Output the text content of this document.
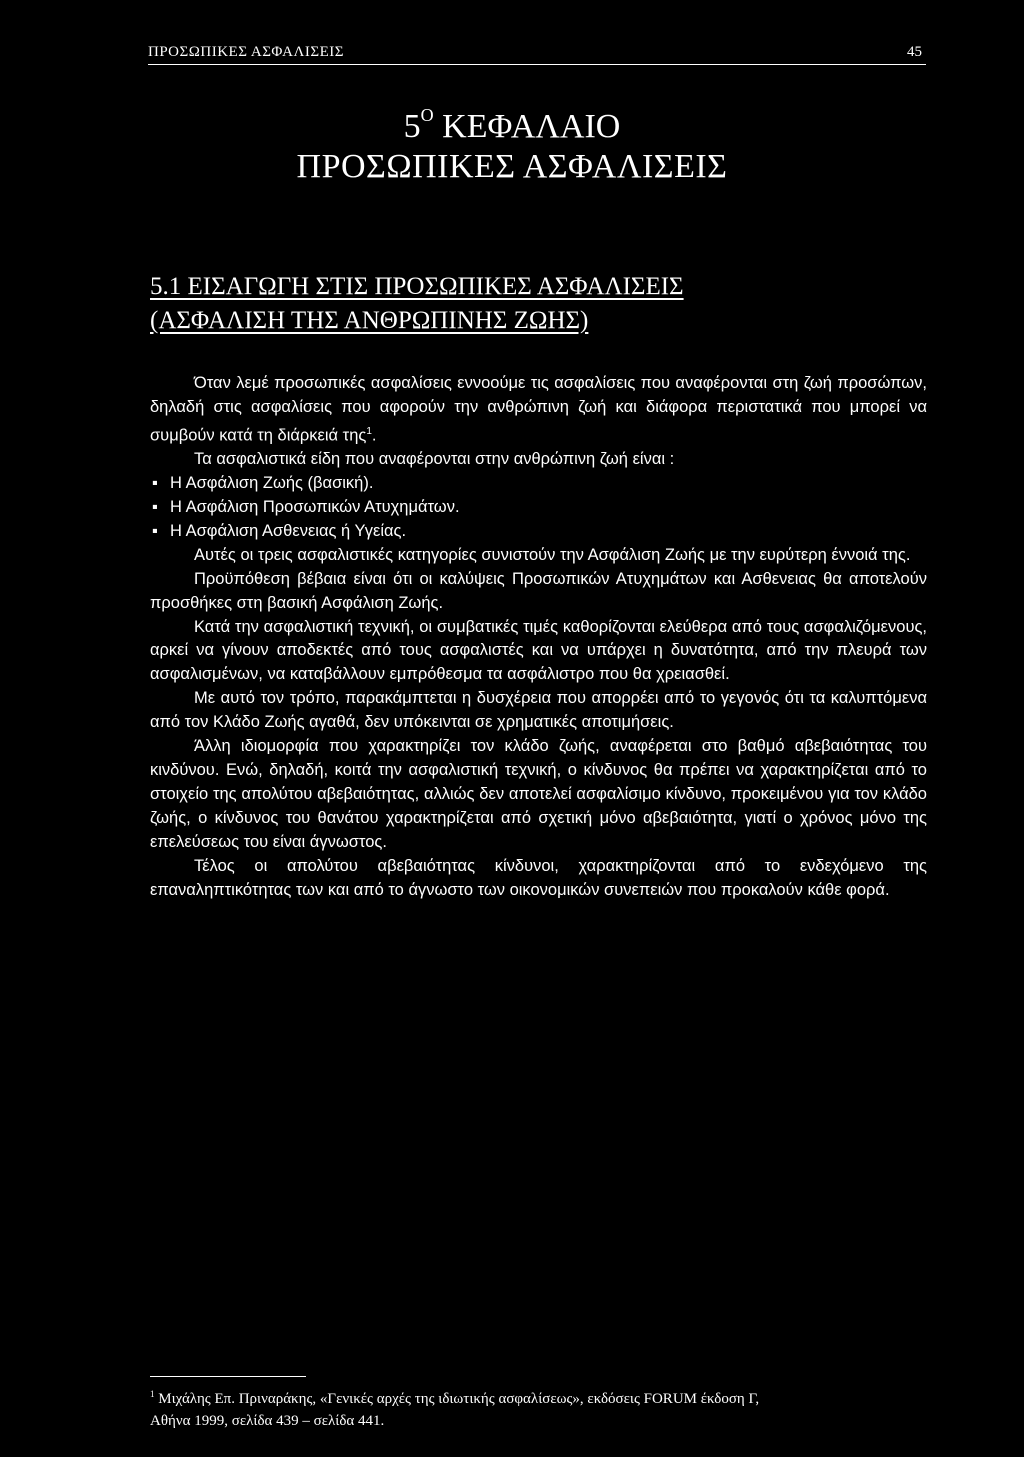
ΠΡΟΣΩΠΙΚΕΣ ΑΣΦΑΛΙΣΕΙΣ	45
$5^O$ ΚΕΦΑΛΑΙΟ
ΠΡΟΣΩΠΙΚΕΣ ΑΣΦΑΛΙΣΕΙΣ
5.1 ΕΙΣΑΓΩΓΗ ΣΤΙΣ ΠΡΟΣΩΠΙΚΕΣ ΑΣΦΑΛΙΣΕΙΣ
(ΑΣΦΑΛΙΣΗ ΤΗΣ ΑΝΘΡΩΠΙΝΗΣ ΖΩΗΣ)

Όταν λεμέ προσωπικές ασφαλίσεις εννοούμε τις ασφαλίσεις που αναφέρονται στη ζωή προσώπων, δηλαδή στις ασφαλίσεις που αφορούν την ανθρώπινη ζωή και διάφορα περιστατικά που μπορεί να συμβούν κατά τη διάρκειά της$^1$.

Τα ασφαλιστικά είδη που αναφέρονται στην ανθρώπινη ζωή είναι :

▪ Η Ασφάλιση Ζωής (βασική).
▪ Η Ασφάλιση Προσωπικών Ατυχημάτων.
▪ Η Ασφάλιση Ασθενειας ή Υγείας.

Αυτές οι τρεις ασφαλιστικές κατηγορίες συνιστούν την Ασφάλιση Ζωής με την ευρύτερη έννοιά της.

Προϋπόθεση βέβαια είναι ότι οι καλύψεις Προσωπικών Ατυχημάτων και Ασθενειας θα αποτελούν προσθήκες στη βασική Ασφάλιση Ζωής.

Κατά την ασφαλιστική τεχνική, οι συμβατικές τιμές καθορίζονται ελεύθερα από τους ασφαλιζόμενους, αρκεί να γίνουν αποδεκτές από τους ασφαλιστές και να υπάρχει η δυνατότητα, από την πλευρά των ασφαλισμένων, να καταβάλλουν εμπρόθεσμα τα ασφάλιστρο που θα χρειασθεί.

Με αυτό τον τρόπο, παρακάμπτεται η δυσχέρεια που απορρέει από το γεγονός ότι τα καλυπτόμενα από τον Κλάδο Ζωής αγαθά, δεν υπόκεινται σε χρηματικές αποτιμήσεις.

Άλλη ιδιομορφία που χαρακτηρίζει τον κλάδο ζωής, αναφέρεται στο βαθμό αβεβαιότητας του κινδύνου. Ενώ, δηλαδή, κοιτά την ασφαλιστική τεχνική, ο κίνδυνος θα πρέπει να χαρακτηρίζεται από το στοιχείο της απολύτου αβεβαιότητας, αλλιώς δεν αποτελεί ασφαλίσιμο κίνδυνο, προκειμένου για τον κλάδο ζωής, ο κίνδυνος του θανάτου χαρακτηρίζεται από σχετική μόνο αβεβαιότητα, γιατί ο χρόνος μόνο της επελεύσεως του είναι άγνωστος.

Τέλος οι απολύτου αβεβαιότητας κίνδυνοι, χαρακτηρίζονται από το ενδεχόμενο της επαναληπτικότητας των και από το άγνωστο των οικονομικών συνεπειών που προκαλούν κάθε φορά.

$^1$ Μιχάλης Επ. Πριναράκης, «Γενικές αρχές της ιδιωτικής ασφαλίσεως», εκδόσεις FORUM έκδοση Γ,
Αθήνα 1999, σελίδα 439 – σελίδα 441.
